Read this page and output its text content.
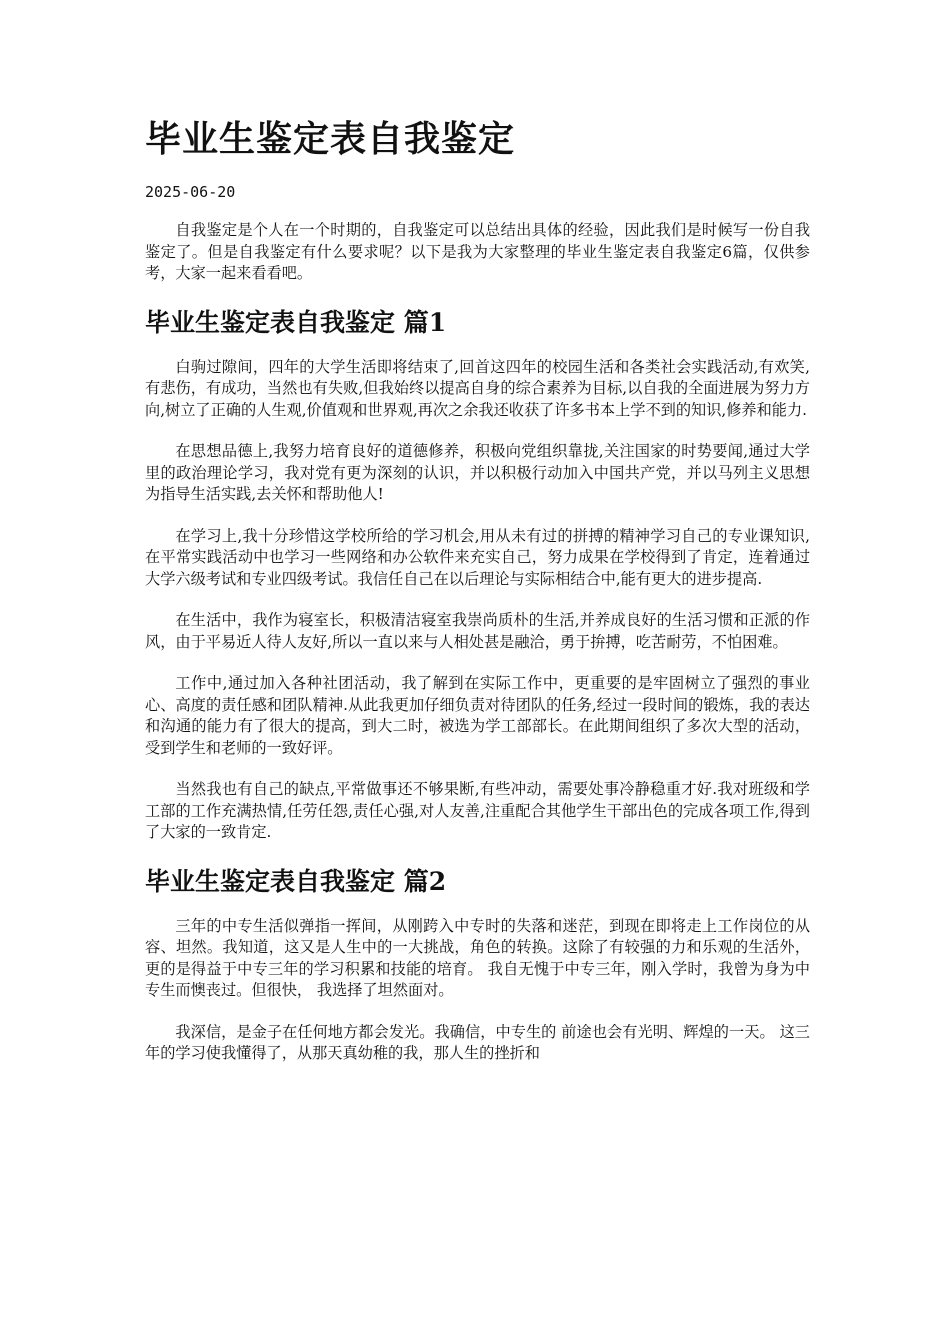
毕业生鉴定表自我鉴定
2025-06-20

自我鉴定是个人在一个时期的，自我鉴定可以总结出具体的经验，因此我们是时候写一份自我鉴定了。但是自我鉴定有什么要求呢？以下是我为大家整理的毕业生鉴定表自我鉴定6篇，仅供参考，大家一起来看看吧。

毕业生鉴定表自我鉴定 篇1

白驹过隙间，四年的大学生活即将结束了,回首这四年的校园生活和各类社会实践活动,有欢笑,有悲伤，有成功，当然也有失败,但我始终以提高自身的综合素养为目标,以自我的全面进展为努力方向,树立了正确的人生观,价值观和世界观,再次之余我还收获了许多书本上学不到的知识,修养和能力.

在思想品德上,我努力培育良好的道德修养，积极向党组织靠拢,关注国家的时势要闻,通过大学里的政治理论学习，我对党有更为深刻的认识，并以积极行动加入中国共产党，并以马列主义思想为指导生活实践,去关怀和帮助他人!

在学习上,我十分珍惜这学校所给的学习机会,用从未有过的拼搏的精神学习自己的专业课知识,在平常实践活动中也学习一些网络和办公软件来充实自己，努力成果在学校得到了肯定，连着通过大学六级考试和专业四级考试。我信任自己在以后理论与实际相结合中,能有更大的进步提高.

在生活中，我作为寝室长，积极清洁寝室我崇尚质朴的生活,并养成良好的生活习惯和正派的作风，由于平易近人待人友好,所以一直以来与人相处甚是融洽，勇于拚搏，吃苦耐劳，不怕困难。

工作中,通过加入各种社团活动，我了解到在实际工作中，更重要的是牢固树立了强烈的事业心、高度的责任感和团队精神.从此我更加仔细负责对待团队的任务,经过一段时间的锻炼，我的表达和沟通的能力有了很大的提高，到大二时，被选为学工部部长。在此期间组织了多次大型的活动，受到学生和老师的一致好评。

当然我也有自己的缺点,平常做事还不够果断,有些冲动，需要处事冷静稳重才好.我对班级和学工部的工作充满热情,任劳任怨,责任心强,对人友善,注重配合其他学生干部出色的完成各项工作,得到了大家的一致肯定.

毕业生鉴定表自我鉴定 篇2

三年的中专生活似弹指一挥间，从刚跨入中专时的失落和迷茫，到现在即将走上工作岗位的从容、坦然。我知道，这又是人生中的一大挑战，角色的转换。这除了有较强的力和乐观的生活外，更的是得益于中专三年的学习积累和技能的培育。 我自无愧于中专三年，刚入学时，我曾为身为中专生而懊丧过。但很快， 我选择了坦然面对。

我深信，是金子在任何地方都会发光。我确信，中专生的 前途也会有光明、辉煌的一天。 这三年的学习使我懂得了，从那天真幼稚的我，那人生的挫折和
